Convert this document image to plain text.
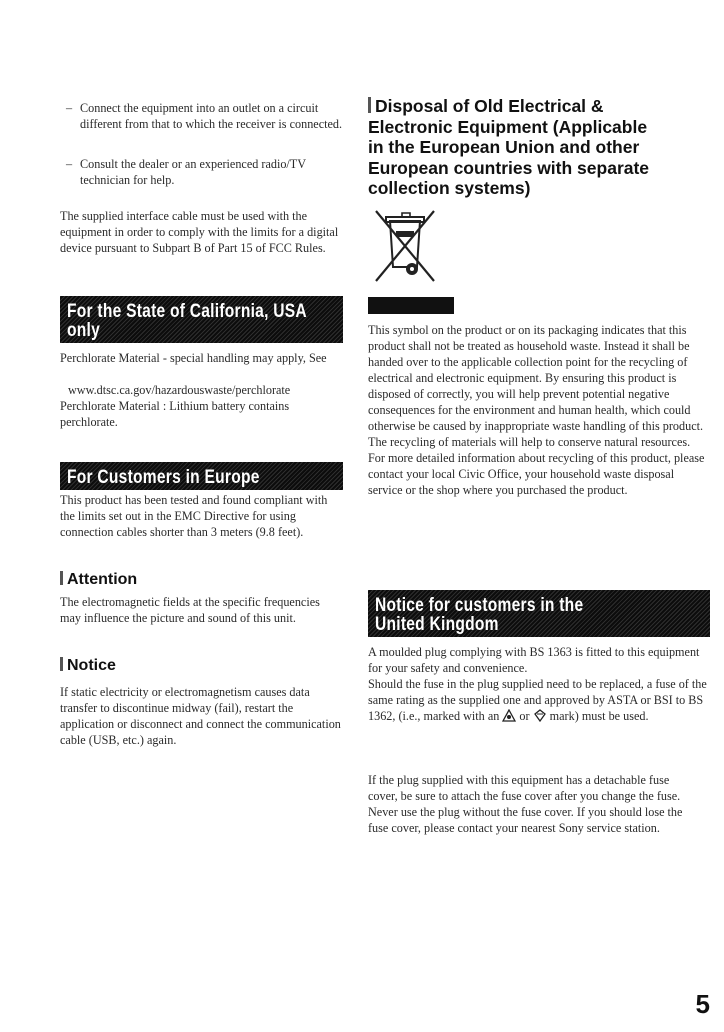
– Connect the equipment into an outlet on a circuit different from that to which the receiver is connected.

– Consult the dealer or an experienced radio/TV technician for help.

The supplied interface cable must be used with the equipment in order to comply with the limits for a digital device pursuant to Subpart B of Part 15 of FCC Rules.

For the State of California, USA
only

Perchlorate Material - special handling may apply, See

www.dtsc.ca.gov/hazardouswaste/perchlorate

Perchlorate Material : Lithium battery contains perchlorate.

For Customers in Europe

This product has been tested and found compliant with the limits set out in the EMC Directive for using connection cables shorter than 3 meters (9.8 feet).

Attention

The electromagnetic fields at the specific frequencies may influence the picture and sound of this unit.

Notice

If static electricity or electromagnetism causes data transfer to discontinue midway (fail), restart the application or disconnect and connect the communication cable (USB, etc.) again.

Disposal of Old Electrical & Electronic Equipment (Applicable in the European Union and other European countries with separate collection systems)

This symbol on the product or on its packaging indicates that this product shall not be treated as household waste. Instead it shall be handed over to the applicable collection point for the recycling of electrical and electronic equipment. By ensuring this product is disposed of correctly, you will help prevent potential negative consequences for the environment and human health, which could otherwise be caused by inappropriate waste handling of this product. The recycling of materials will help to conserve natural resources. For more detailed information about recycling of this product, please contact your local Civic Office, your household waste disposal service or the shop where you purchased the product.

Notice for customers in the
United Kingdom

A moulded plug complying with BS 1363 is fitted to this equipment for your safety and convenience.
Should the fuse in the plug supplied need to be replaced, a fuse of the same rating as the supplied one and approved by ASTA or BSI to BS 1362, (i.e., marked with an or mark) must be used.

If the plug supplied with this equipment has a detachable fuse cover, be sure to attach the fuse cover after you change the fuse. Never use the plug without the fuse cover. If you should lose the fuse cover, please contact your nearest Sony service station.

5
